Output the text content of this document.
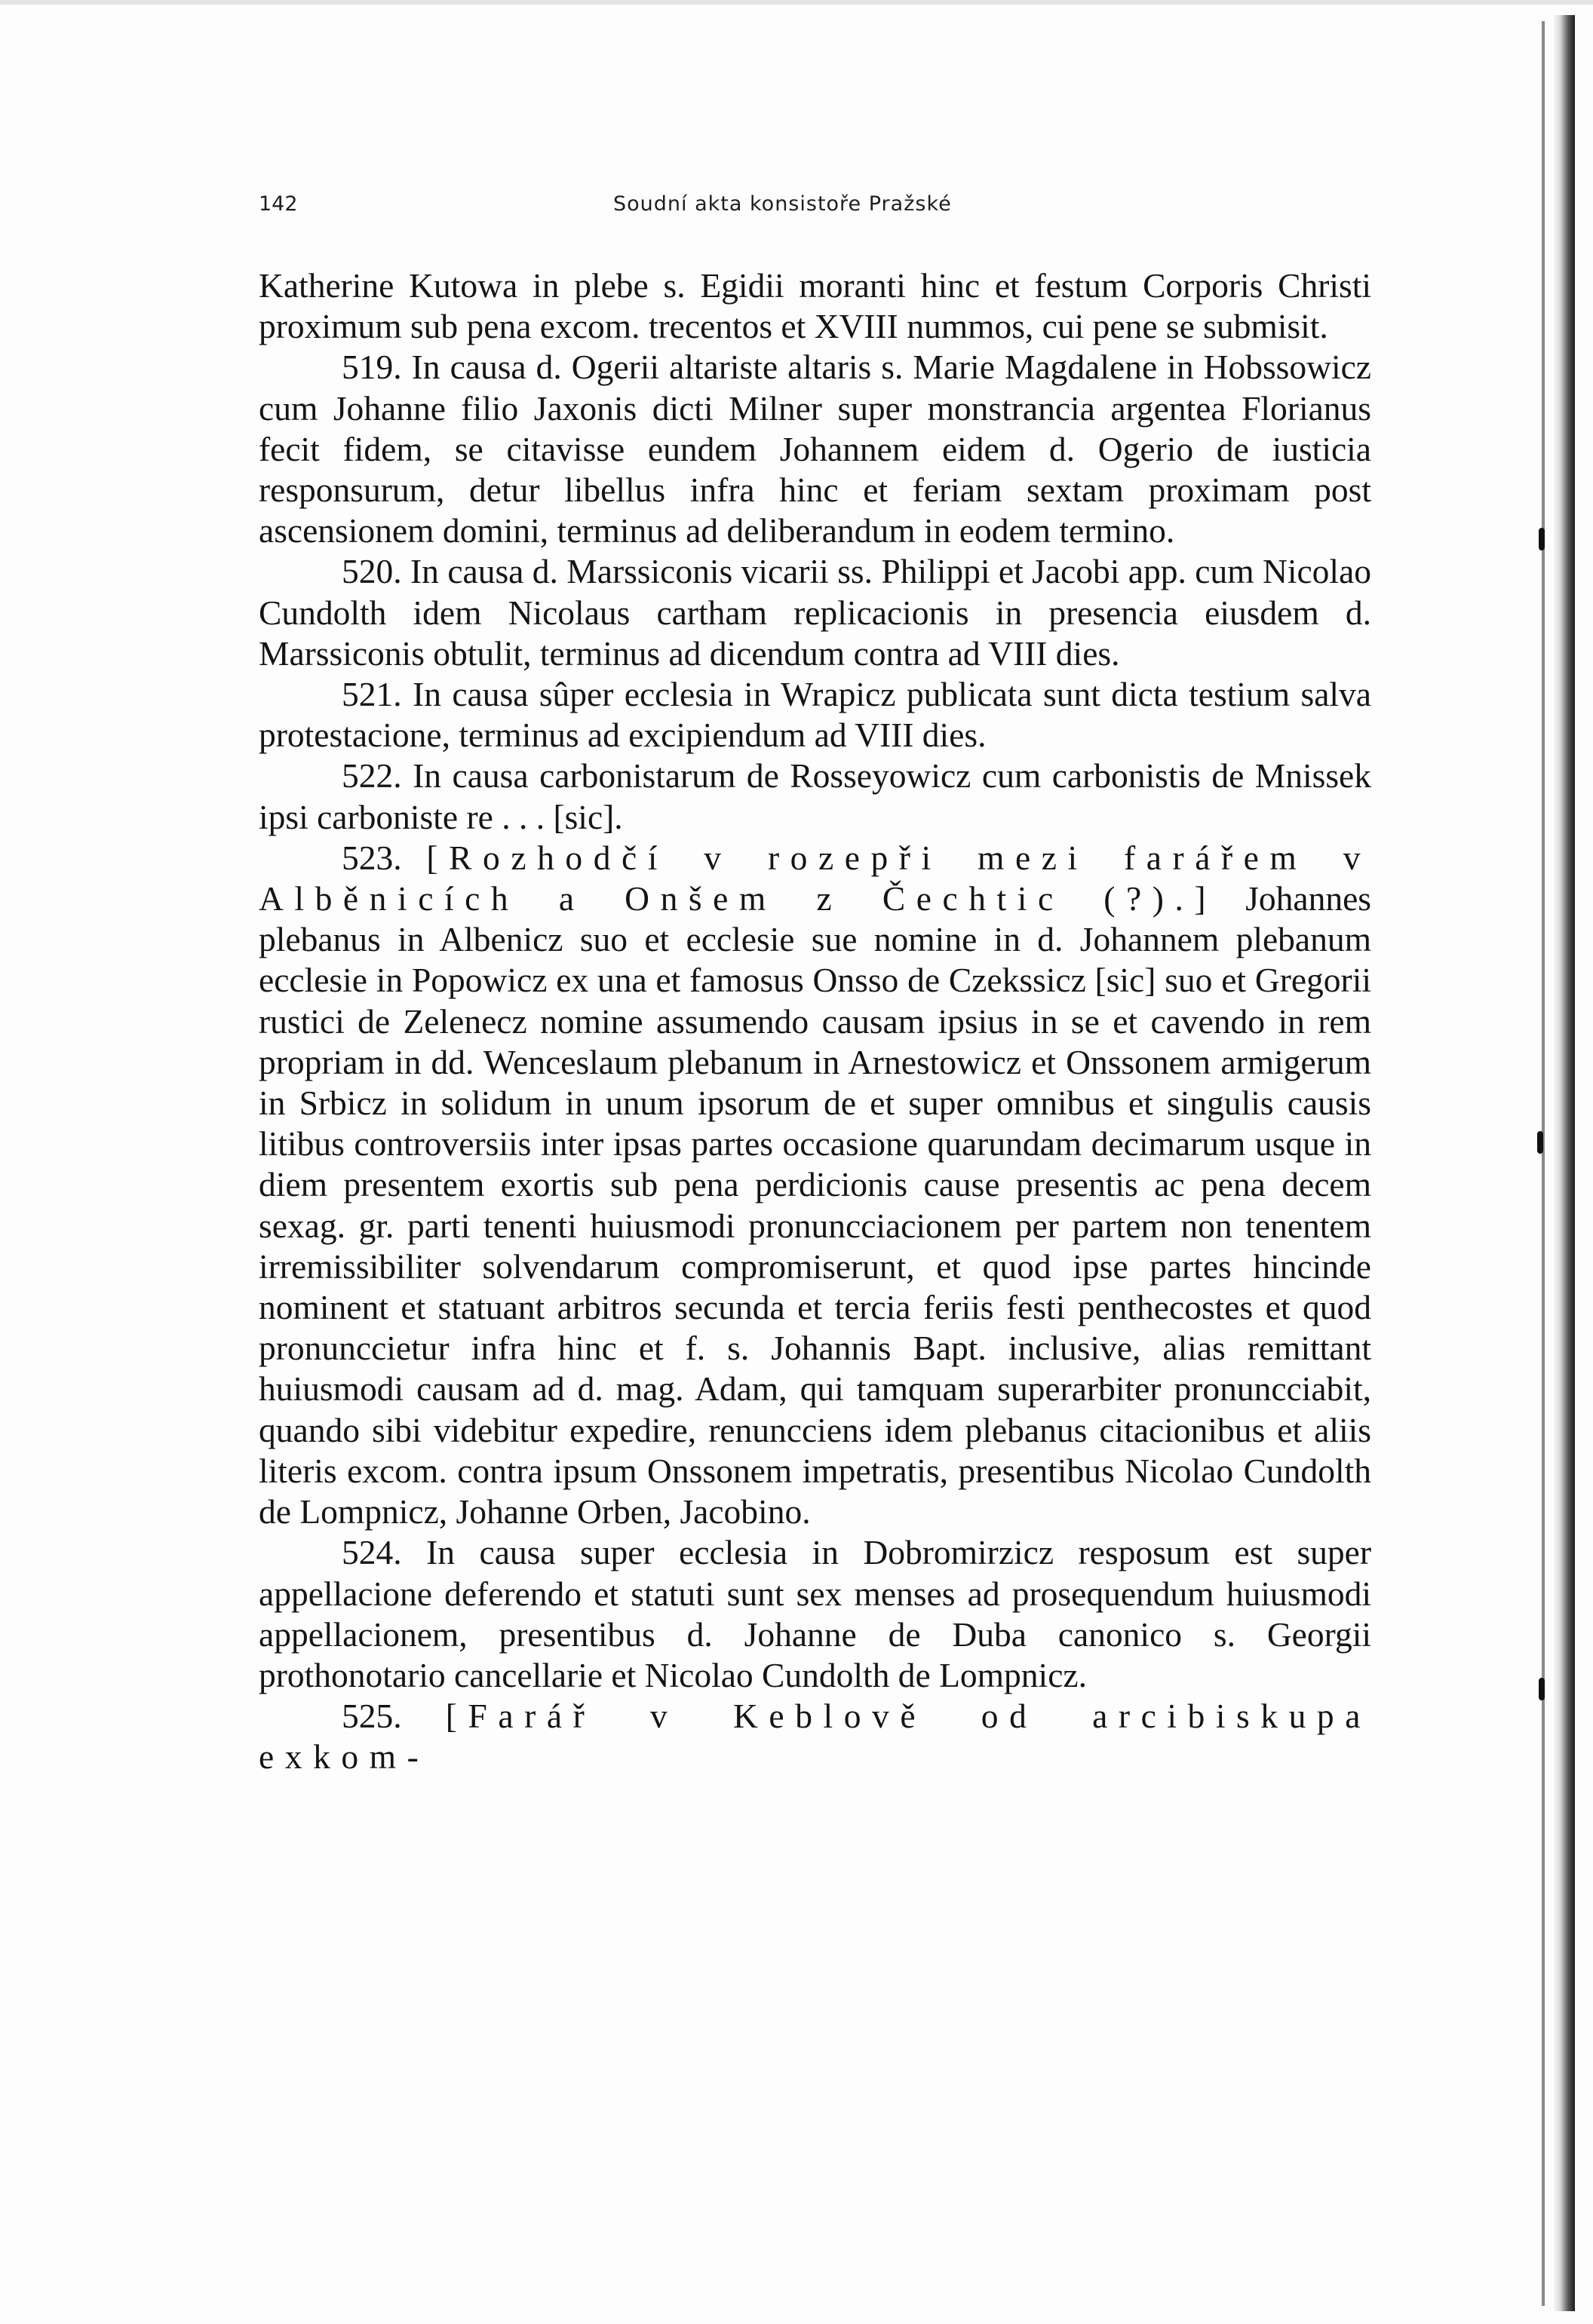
142	Soudní akta konsistoře Pražské

Katherine Kutowa in plebe s. Egidii moranti hinc et festum Corporis Christi proximum sub pena excom. trecentos et XVIII nummos, cui pene se submisit.

519. In causa d. Ogerii altariste altaris s. Marie Magdalene in Hobssowicz cum Johanne filio Jaxonis dicti Milner super monstrancia argentea Florianus fecit fidem, se citavisse eundem Johannem eidem d. Ogerio de iusticia responsurum, detur libellus infra hinc et feriam sextam proximam post ascensionem domini, terminus ad deliberandum in eodem termino.

520. In causa d. Marssiconis vicarii ss. Philippi et Jacobi app. cum Nicolao Cundolth idem Nicolaus cartham replicacionis in presencia eiusdem d. Marssiconis obtulit, terminus ad dicendum contra ad VIII dies.

521. In causa sûper ecclesia in Wrapicz publicata sunt dicta testium salva protestacione, terminus ad excipiendum ad VIII dies.

522. In causa carbonistarum de Rosseyowicz cum carbonistis de Mnissek ipsi carboniste re . . . [sic].

523. [Rozhodčí v rozepři mezi farářem v Alběnicích a Onšem z Čechtic (?).] Johannes plebanus in Albenicz suo et ecclesie sue nomine in d. Johannem plebanum ecclesie in Popowicz ex una et famosus Onsso de Czekssicz [sic] suo et Gregorii rustici de Zelenecz nomine assumendo causam ipsius in se et cavendo in rem propriam in dd. Wenceslaum plebanum in Arnestowicz et Onssonem armigerum in Srbicz in solidum in unum ipsorum de et super omnibus et singulis causis litibus controversiis inter ipsas partes occasione quarundam decimarum usque in diem presentem exortis sub pena perdicionis cause presentis ac pena decem sexag. gr. parti tenenti huiusmodi pronuncciacionem per partem non tenentem irremissibiliter solvendarum compromiserunt, et quod ipse partes hincinde nominent et statuant arbitros secunda et tercia feriis festi penthecostes et quod pronunccietur infra hinc et f. s. Johannis Bapt. inclusive, alias remittant huiusmodi causam ad d. mag. Adam, qui tamquam superarbiter pronuncciabit, quando sibi videbitur expedire, renuncciens idem plebanus citacionibus et aliis literis excom. contra ipsum Onssonem impetratis, presentibus Nicolao Cundolth de Lompnicz, Johanne Orben, Jacobino.

524. In causa super ecclesia in Dobromirzicz resposum est super appellacione deferendo et statuti sunt sex menses ad prosequendum huiusmodi appellacionem, presentibus d. Johanne de Duba canonico s. Georgii prothonotario cancellarie et Nicolao Cundolth de Lompnicz.

525. [Farář v Keblově od arcibiskupa exkom-
